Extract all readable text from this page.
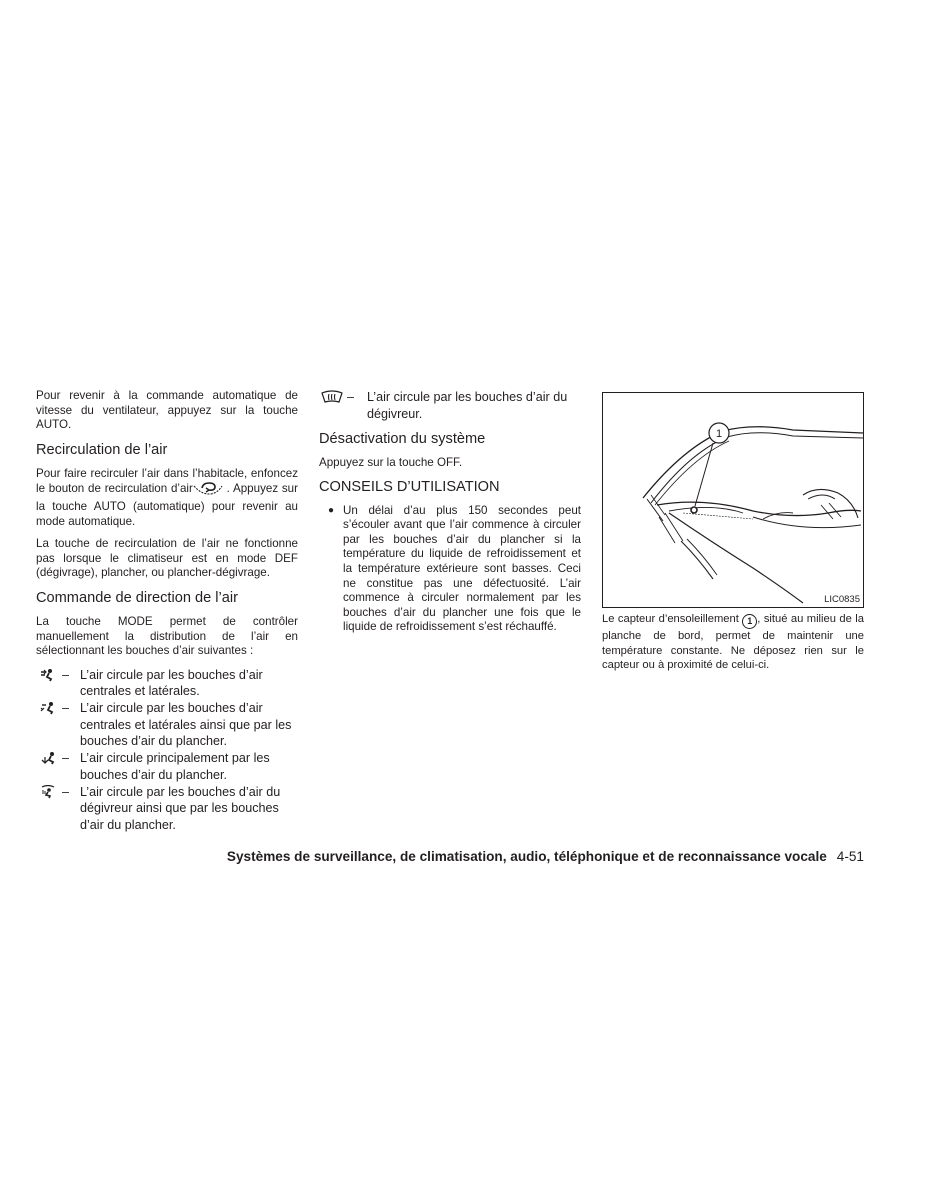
Pour revenir à la commande automatique de vitesse du ventilateur, appuyez sur la touche AUTO.

Recirculation de l’air

Pour faire recirculer l’air dans l’habitacle, enfoncez le bouton de recirculation d’air	. Appuyez sur la touche AUTO (automatique) pour revenir au mode automatique.

La touche de recirculation de l’air ne fonctionne pas lorsque le climatiseur est en mode DEF (dégivrage), plancher, ou plancher-dégivrage.

Commande de direction de l’air

La touche MODE permet de contrôler manuellement la distribution de l’air en sélectionnant les bouches d’air suivantes :

– L’air circule par les bouches d’air centrales et latérales.
– L’air circule par les bouches d’air centrales et latérales ainsi que par les bouches d’air du plancher.
– L’air circule principalement par les bouches d’air du plancher.
– L’air circule par les bouches d’air du dégivreur ainsi que par les bouches d’air du plancher.
–	L’air circule par les bouches d’air du dégivreur.
Désactivation du système

Appuyez sur la touche OFF.

CONSEILS D’UTILISATION
● Un délai d’au plus 150 secondes peut s’écouler avant que l’air commence à circuler par les bouches d’air du plancher si la température du liquide de refroidissement et la température extérieure sont basses. Ceci ne constitue pas une défectuosité. L’air commence à circuler normalement par les bouches d’air du plancher une fois que le liquide de refroidissement s’est réchauffé.
1
LIC0835
Le capteur d’ensoleillement 1 , situé au milieu de la planche de bord, permet de maintenir une température constante. Ne déposez rien sur le capteur ou à proximité de celui-ci.
Systèmes de surveillance, de climatisation, audio, téléphonique et de reconnaissance vocale 4-51
